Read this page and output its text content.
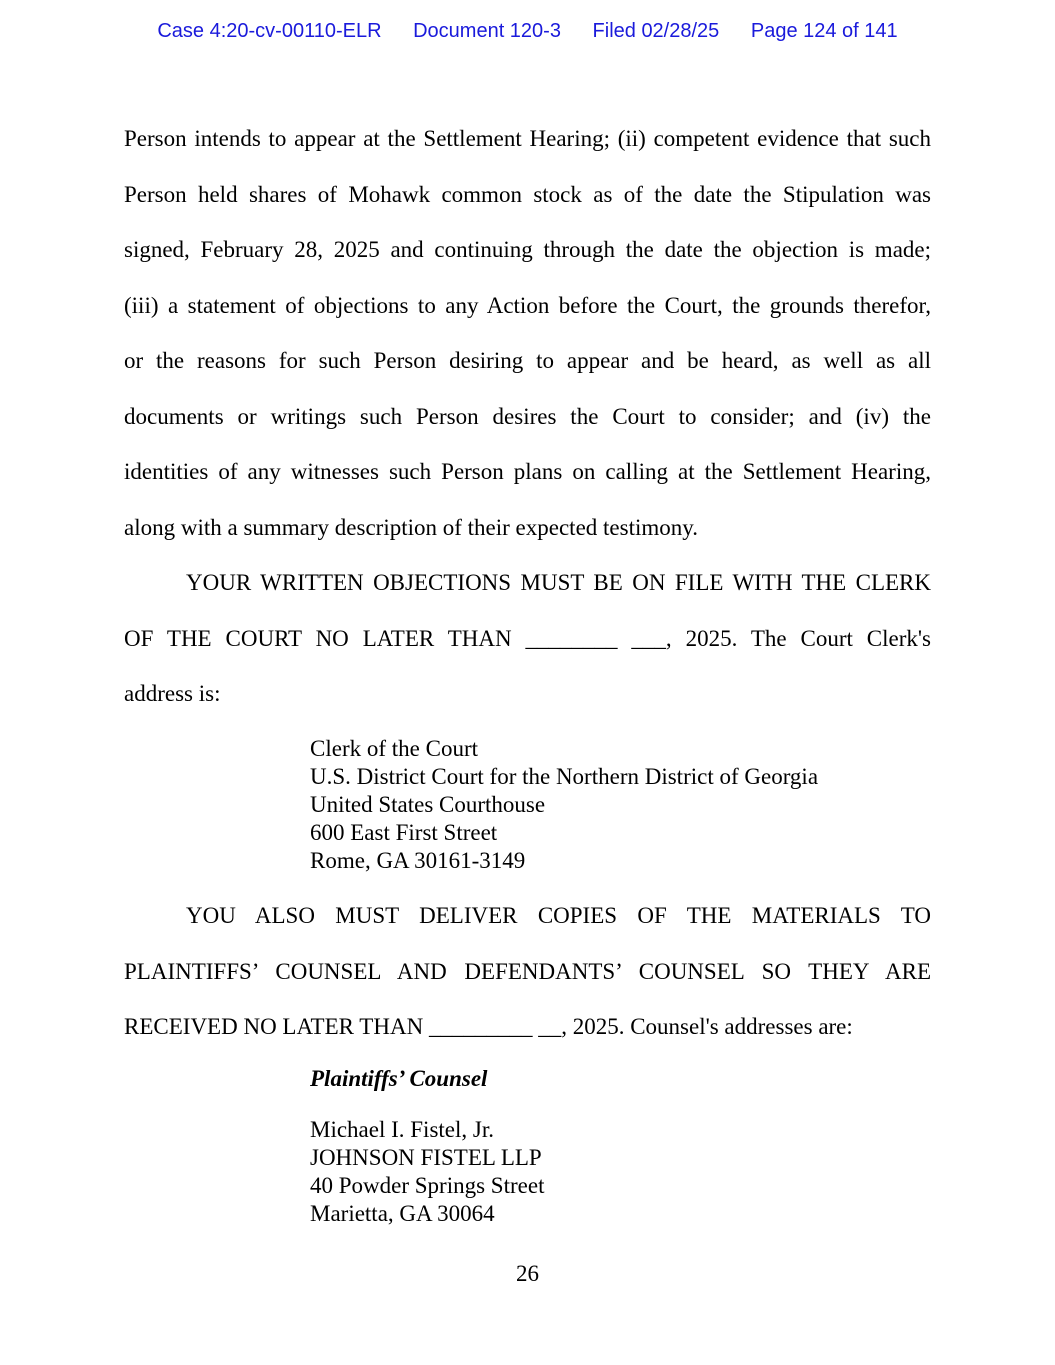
Case 4:20-cv-00110-ELR Document 120-3 Filed 02/28/25 Page 124 of 141
Person intends to appear at the Settlement Hearing; (ii) competent evidence that such
Person held shares of Mohawk common stock as of the date the Stipulation was
signed, February 28, 2025 and continuing through the date the objection is made;
(iii) a statement of objections to any Action before the Court, the grounds therefor,
or the reasons for such Person desiring to appear and be heard, as well as all
documents or writings such Person desires the Court to consider; and (iv) the
identities of any witnesses such Person plans on calling at the Settlement Hearing,
along with a summary description of their expected testimony.
YOUR WRITTEN OBJECTIONS MUST BE ON FILE WITH THE CLERK
OF THE COURT NO LATER THAN ________ ___, 2025. The Court Clerk's
address is:
Clerk of the Court
U.S. District Court for the Northern District of Georgia
United States Courthouse
600 East First Street
Rome, GA 30161-3149
YOU ALSO MUST DELIVER COPIES OF THE MATERIALS TO
PLAINTIFFS’ COUNSEL AND DEFENDANTS’ COUNSEL SO THEY ARE
RECEIVED NO LATER THAN _________ __, 2025. Counsel's addresses are:
Plaintiffs’ Counsel
Michael I. Fistel, Jr.
JOHNSON FISTEL LLP
40 Powder Springs Street
Marietta, GA 30064
26
